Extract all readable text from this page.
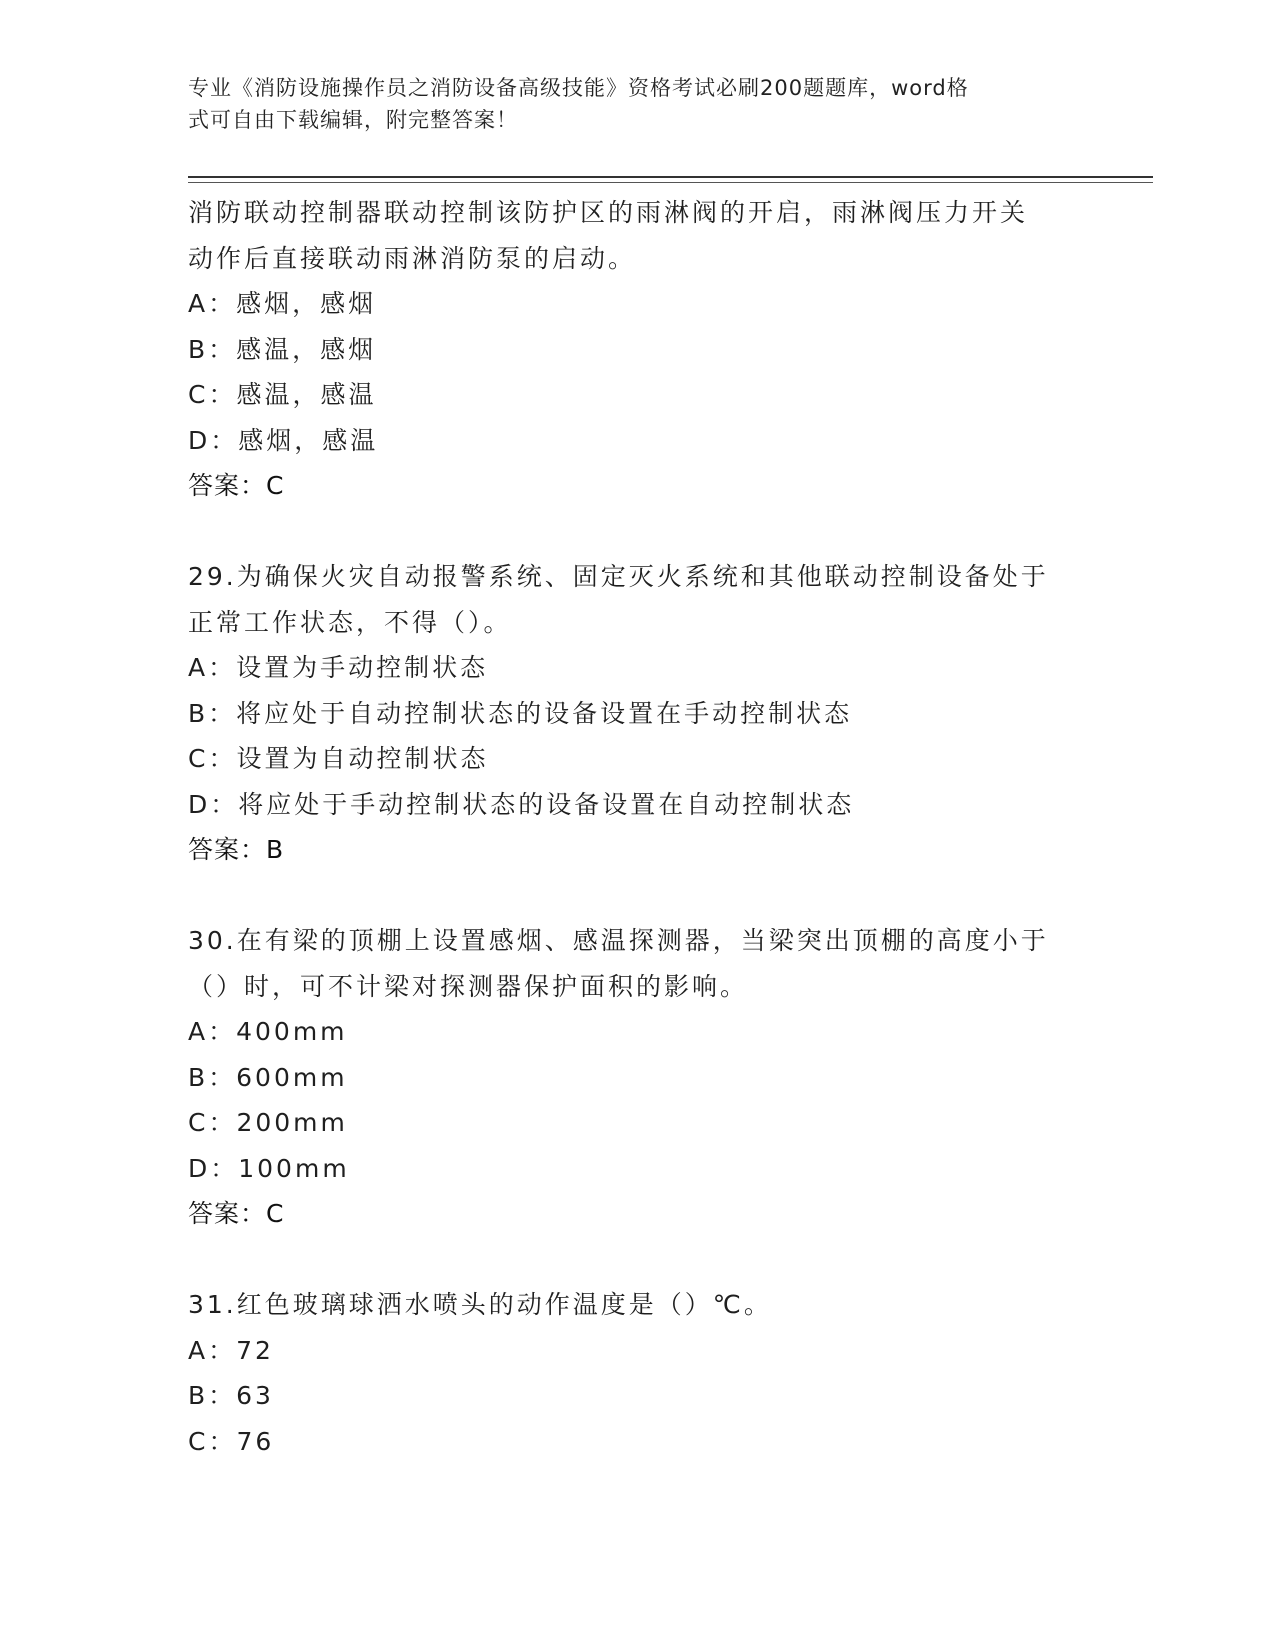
专业《消防设施操作员之消防设备高级技能》资格考试必刷200题题库，word格
式可自由下载编辑，附完整答案！
消防联动控制器联动控制该防护区的雨淋阀的开启，雨淋阀压力开关
动作后直接联动雨淋消防泵的启动。
A：感烟，感烟
B：感温，感烟
C：感温，感温
D：感烟，感温
答案：C
29.为确保火灾自动报警系统、固定灭火系统和其他联动控制设备处于
正常工作状态，不得（）。
A：设置为手动控制状态
B：将应处于自动控制状态的设备设置在手动控制状态
C：设置为自动控制状态
D：将应处于手动控制状态的设备设置在自动控制状态
答案：B
30.在有梁的顶棚上设置感烟、感温探测器，当梁突出顶棚的高度小于
（）时，可不计梁对探测器保护面积的影响。
A：400mm
B：600mm
C：200mm
D：100mm
答案：C
31.红色玻璃球洒水喷头的动作温度是（）℃。
A：72
B：63
C：76
